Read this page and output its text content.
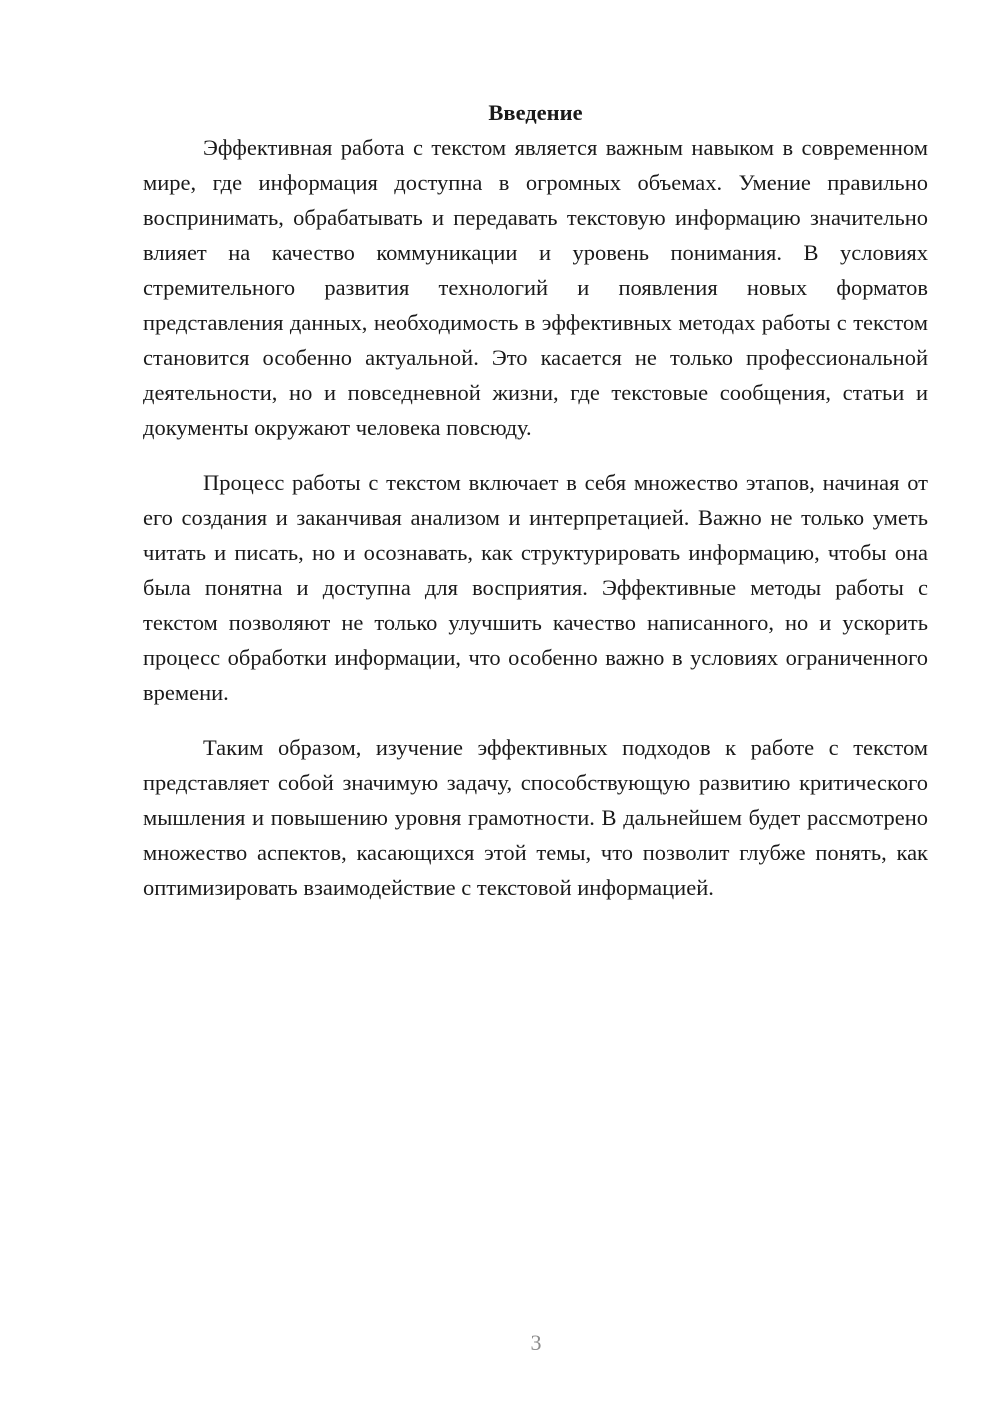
Введение

Эффективная работа с текстом является важным навыком в современном мире, где информация доступна в огромных объемах. Умение правильно воспринимать, обрабатывать и передавать текстовую информацию значительно влияет на качество коммуникации и уровень понимания. В условиях стремительного развития технологий и появления новых форматов представления данных, необходимость в эффективных методах работы с текстом становится особенно актуальной. Это касается не только профессиональной деятельности, но и повседневной жизни, где текстовые сообщения, статьи и документы окружают человека повсюду.

Процесс работы с текстом включает в себя множество этапов, начиная от его создания и заканчивая анализом и интерпретацией. Важно не только уметь читать и писать, но и осознавать, как структурировать информацию, чтобы она была понятна и доступна для восприятия. Эффективные методы работы с текстом позволяют не только улучшить качество написанного, но и ускорить процесс обработки информации, что особенно важно в условиях ограниченного времени.

Таким образом, изучение эффективных подходов к работе с текстом представляет собой значимую задачу, способствующую развитию критического мышления и повышению уровня грамотности. В дальнейшем будет рассмотрено множество аспектов, касающихся этой темы, что позволит глубже понять, как оптимизировать взаимодействие с текстовой информацией.

3
